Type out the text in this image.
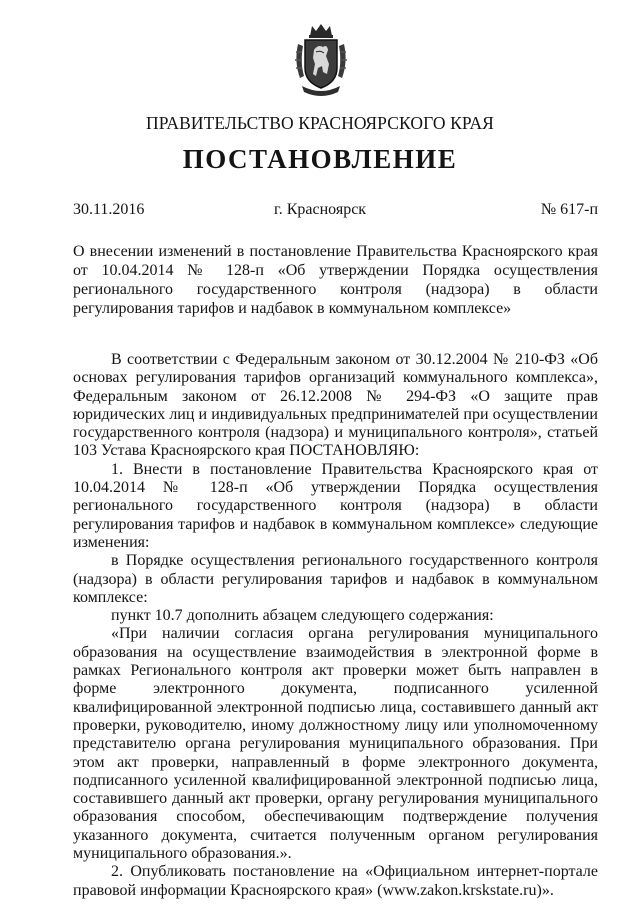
ПРАВИТЕЛЬСТВО КРАСНОЯРСКОГО КРАЯ
ПОСТАНОВЛЕНИЕ
30.11.2016	г. Красноярск	№ 617-п
О внесении изменений в постановление Правительства Красноярского края от 10.04.2014 № 128-п «Об утверждении Порядка осуществления регионального государственного контроля (надзора) в области регулирования тарифов и надбавок в коммунальном комплексе»

В соответствии с Федеральным законом от 30.12.2004 № 210-ФЗ «Об основах регулирования тарифов организаций коммунального комплекса», Федеральным законом от 26.12.2008 № 294-ФЗ «О защите прав юридических лиц и индивидуальных предпринимателей при осуществлении государственного контроля (надзора) и муниципального контроля», статьей 103 Устава Красноярского края ПОСТАНОВЛЯЮ:

1. Внести в постановление Правительства Красноярского края от 10.04.2014 № 128-п «Об утверждении Порядка осуществления регионального государственного контроля (надзора) в области регулирования тарифов и надбавок в коммунальном комплексе» следующие изменения:

в Порядке осуществления регионального государственного контроля (надзора) в области регулирования тарифов и надбавок в коммунальном комплексе:

пункт 10.7 дополнить абзацем следующего содержания:

«При наличии согласия органа регулирования муниципального образования на осуществление взаимодействия в электронной форме в рамках Регионального контроля акт проверки может быть направлен в форме электронного документа, подписанного усиленной квалифицированной электронной подписью лица, составившего данный акт проверки, руководителю, иному должностному лицу или уполномоченному представителю органа регулирования муниципального образования. При этом акт проверки, направленный в форме электронного документа, подписанного усиленной квалифицированной электронной подписью лица, составившего данный акт проверки, органу регулирования муниципального образования способом, обеспечивающим подтверждение получения указанного документа, считается полученным органом регулирования муниципального образования.».

2. Опубликовать постановление на «Официальном интернет-портале правовой информации Красноярского края» (www.zakon.krskstate.ru)».
